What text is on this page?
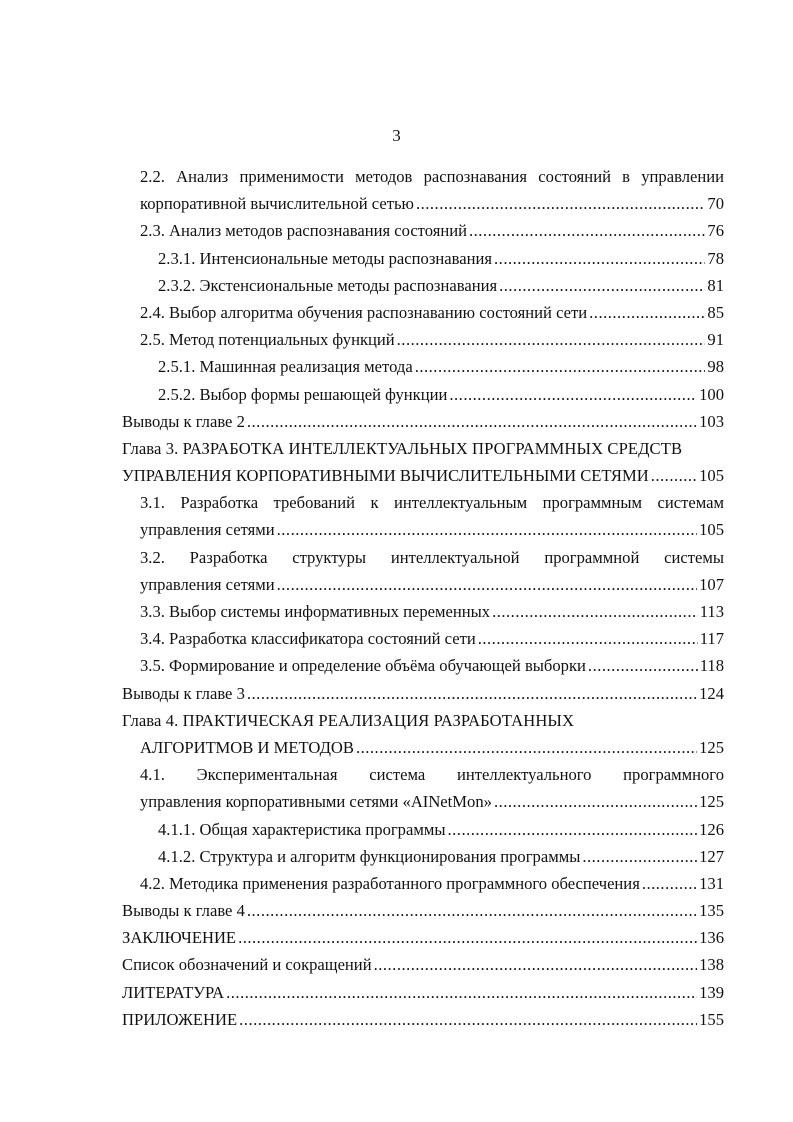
3
2.2. Анализ применимости методов распознавания состояний в управлении
корпоративной вычислительной сетью .....	70
2.3. Анализ методов распознавания состояний .....	76
2.3.1. Интенсиональные методы распознавания .....	78
2.3.2. Экстенсиональные методы распознавания .....	81
2.4. Выбор алгоритма обучения распознаванию состояний сети .....	85
2.5. Метод потенциальных функций .....	91
2.5.1. Машинная реализация метода .....	98
2.5.2. Выбор формы решающей функции .....	100
Выводы к главе 2 .....	103
Глава 3. РАЗРАБОТКА ИНТЕЛЛЕКТУАЛЬНЫХ ПРОГРАММНЫХ СРЕДСТВ
УПРАВЛЕНИЯ КОРПОРАТИВНЫМИ ВЫЧИСЛИТЕЛЬНЫМИ СЕТЯМИ .....	105
3.1. Разработка требований к интеллектуальным программным системам
управления сетями .....	105
3.2. Разработка структуры интеллектуальной программной системы
управления сетями .....	107
3.3. Выбор системы информативных переменных .....	113
3.4. Разработка классификатора состояний сети .....	117
3.5. Формирование и определение объёма обучающей выборки .....	118
Выводы к главе 3 .....	124
Глава 4. ПРАКТИЧЕСКАЯ РЕАЛИЗАЦИЯ РАЗРАБОТАННЫХ
АЛГОРИТМОВ И МЕТОДОВ .....	125
4.1. Экспериментальная система интеллектуального программного
управления корпоративными сетями «AINetMon» .....	125
4.1.1. Общая характеристика программы .....	126
4.1.2. Структура и алгоритм функционирования программы .....	127
4.2. Методика применения разработанного программного обеспечения .....	131
Выводы к главе 4 .....	135
ЗАКЛЮЧЕНИЕ .....	136
Список обозначений и сокращений .....	138
ЛИТЕРАТУРА .....	139
ПРИЛОЖЕНИЕ .....	155
